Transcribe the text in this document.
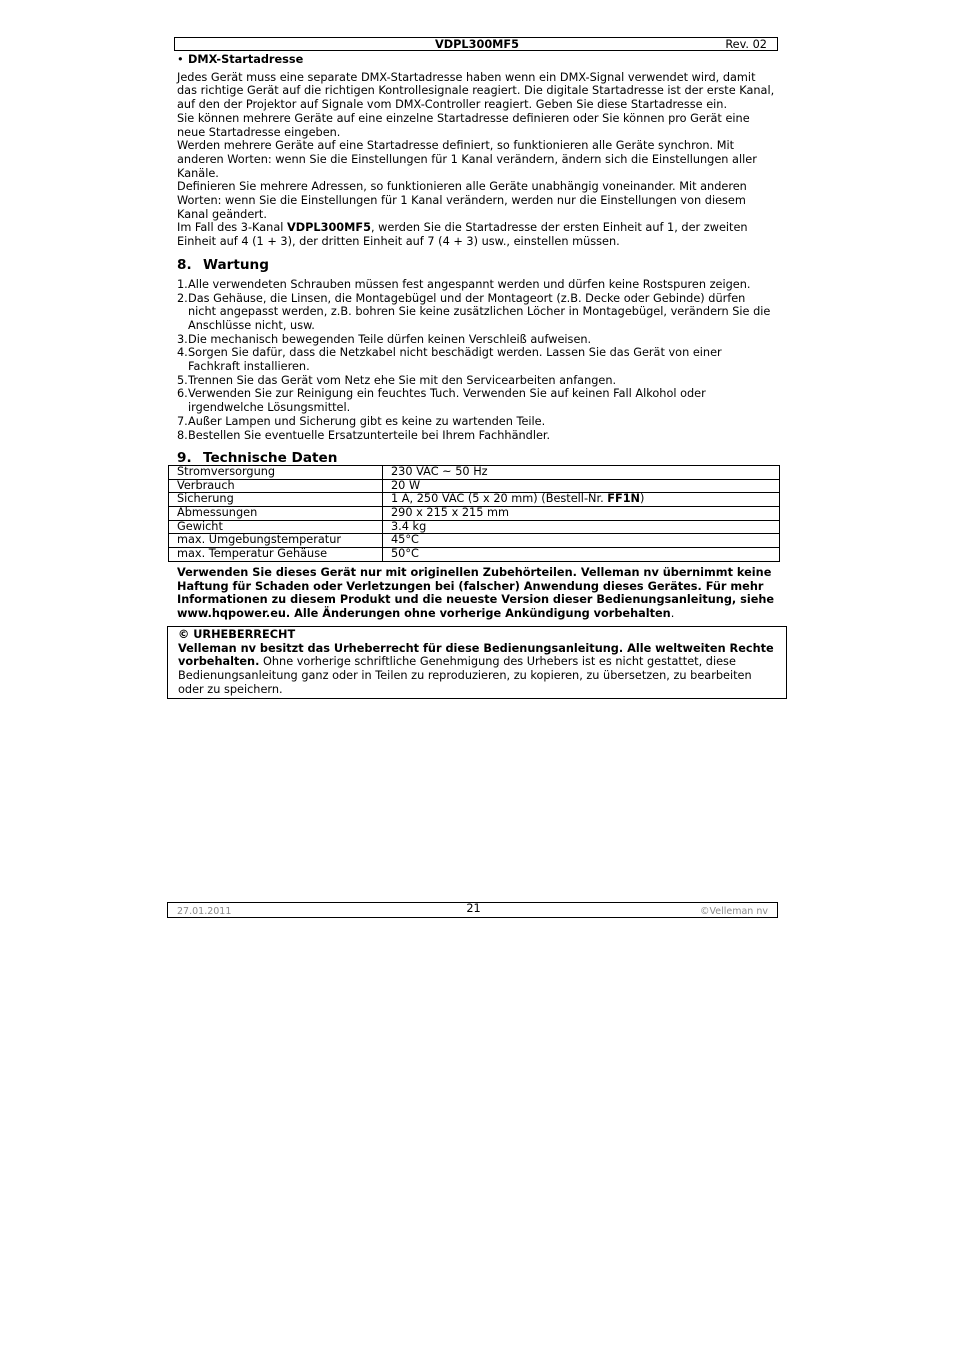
VDPL300MF5	Rev. 02
• DMX-Startadresse

Jedes Gerät muss eine separate DMX-Startadresse haben wenn ein DMX-Signal verwendet wird, damit das richtige Gerät auf die richtigen Kontrollesignale reagiert. Die digitale Startadresse ist der erste Kanal, auf den der Projektor auf Signale vom DMX-Controller reagiert. Geben Sie diese Startadresse ein.

Sie können mehrere Geräte auf eine einzelne Startadresse definieren oder Sie können pro Gerät eine neue Startadresse eingeben.

Werden mehrere Geräte auf eine Startadresse definiert, so funktionieren alle Geräte synchron. Mit anderen Worten: wenn Sie die Einstellungen für 1 Kanal verändern, ändern sich die Einstellungen aller Kanäle.

Definieren Sie mehrere Adressen, so funktionieren alle Geräte unabhängig voneinander. Mit anderen Worten: wenn Sie die Einstellungen für 1 Kanal verändern, werden nur die Einstellungen von diesem Kanal geändert.

Im Fall des 3-Kanal VDPL300MF5, werden Sie die Startadresse der ersten Einheit auf 1, der zweiten Einheit auf 4 (1 + 3), der dritten Einheit auf 7 (4 + 3) usw., einstellen müssen.

8. Wartung
1. Alle verwendeten Schrauben müssen fest angespannt werden und dürfen keine Rostspuren zeigen.
2. Das Gehäuse, die Linsen, die Montagebügel und der Montageort (z.B. Decke oder Gebinde) dürfen nicht angepasst werden, z.B. bohren Sie keine zusätzlichen Löcher in Montagebügel, verändern Sie die Anschlüsse nicht, usw.
3. Die mechanisch bewegenden Teile dürfen keinen Verschleiß aufweisen.
4. Sorgen Sie dafür, dass die Netzkabel nicht beschädigt werden. Lassen Sie das Gerät von einer Fachkraft installieren.
5. Trennen Sie das Gerät vom Netz ehe Sie mit den Servicearbeiten anfangen.
6. Verwenden Sie zur Reinigung ein feuchtes Tuch. Verwenden Sie auf keinen Fall Alkohol oder irgendwelche Lösungsmittel.
7. Außer Lampen und Sicherung gibt es keine zu wartenden Teile.
8. Bestellen Sie eventuelle Ersatzunterteile bei Ihrem Fachhändler.
9. Technische Daten
Stromversorgung	230 VAC ~ 50 Hz
Verbrauch	20 W
Sicherung	1 A, 250 VAC (5 x 20 mm) (Bestell-Nr. FF1N)
Abmessungen	290 x 215 x 215 mm
Gewicht	3.4 kg
max. Umgebungstemperatur	45°C
max. Temperatur Gehäuse	50°C
Verwenden Sie dieses Gerät nur mit originellen Zubehörteilen. Velleman nv übernimmt keine Haftung für Schaden oder Verletzungen bei (falscher) Anwendung dieses Gerätes. Für mehr Informationen zu diesem Produkt und die neueste Version dieser Bedienungsanleitung, siehe www.hqpower.eu. Alle Änderungen ohne vorherige Ankündigung vorbehalten.
© URHEBERRECHT
Velleman nv besitzt das Urheberrecht für diese Bedienungsanleitung. Alle weltweiten Rechte vorbehalten. Ohne vorherige schriftliche Genehmigung des Urhebers ist es nicht gestattet, diese Bedienungsanleitung ganz oder in Teilen zu reproduzieren, zu kopieren, zu übersetzen, zu bearbeiten oder zu speichern.
27.01.2011	21	©Velleman nv
